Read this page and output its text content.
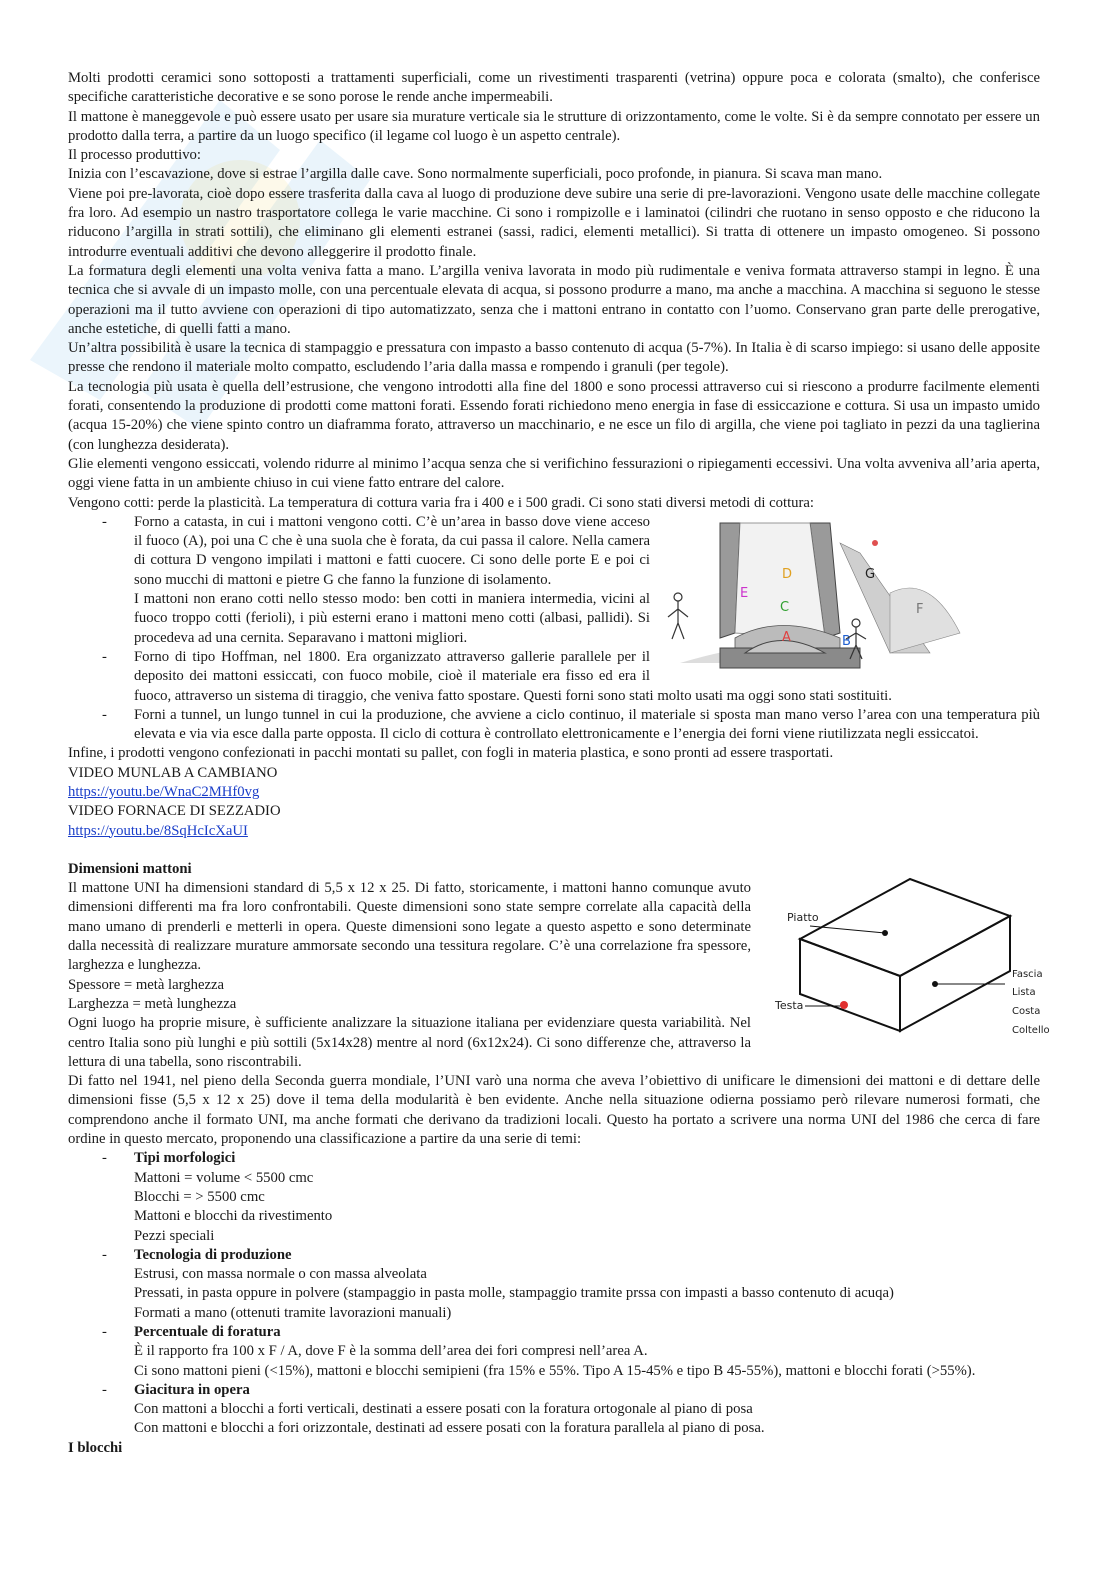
Molti prodotti ceramici sono sottoposti a trattamenti superficiali, come un rivestimenti trasparenti (vetrina) oppure poca e colorata (smalto), che conferisce specifiche caratteristiche decorative e se sono porose le rende anche impermeabili.

Il mattone è maneggevole e può essere usato per usare sia murature verticale sia le strutture di orizzontamento, come le volte. Si è da sempre connotato per essere un prodotto dalla terra, a partire da un luogo specifico (il legame col luogo è un aspetto centrale).

Il processo produttivo:

Inizia con l’escavazione, dove si estrae l’argilla dalle cave. Sono normalmente superficiali, poco profonde, in pianura. Si scava man mano.

Viene poi pre-lavorata, cioè dopo essere trasferita dalla cava al luogo di produzione deve subire una serie di pre-lavorazioni. Vengono usate delle macchine collegate fra loro. Ad esempio un nastro trasportatore collega le varie macchine. Ci sono i rompizolle e i laminatoi (cilindri che ruotano in senso opposto e che riducono la riducono l’argilla in strati sottili), che eliminano gli elementi estranei (sassi, radici, elementi metallici). Si tratta di ottenere un impasto omogeneo. Si possono introdurre eventuali additivi che devono alleggerire il prodotto finale.

La formatura degli elementi una volta veniva fatta a mano. L’argilla veniva lavorata in modo più rudimentale e veniva formata attraverso stampi in legno. È una tecnica che si avvale di un impasto molle, con una percentuale elevata di acqua, si possono produrre a mano, ma anche a macchina. A macchina si seguono le stesse operazioni ma il tutto avviene con operazioni di tipo automatizzato, senza che i mattoni entrano in contatto con l’uomo. Conservano gran parte delle prerogative, anche estetiche, di quelli fatti a mano.

Un’altra possibilità è usare la tecnica di stampaggio e pressatura con impasto a basso contenuto di acqua (5-7%). In Italia è di scarso impiego: si usano delle apposite presse che rendono il materiale molto compatto, escludendo l’aria dalla massa e rompendo i granuli (per tegole).

La tecnologia più usata è quella dell’estrusione, che vengono introdotti alla fine del 1800 e sono processi attraverso cui si riescono a produrre facilmente elementi forati, consentendo la produzione di prodotti come mattoni forati. Essendo forati richiedono meno energia in fase di essiccazione e cottura. Si usa un impasto umido (acqua 15-20%) che viene spinto contro un diaframma forato, attraverso un macchinario, e ne esce un filo di argilla, che viene poi tagliato in pezzi da una taglierina (con lunghezza desiderata).

Glie elementi vengono essiccati, volendo ridurre al minimo l’acqua senza che si verifichino fessurazioni o ripiegamenti eccessivi. Una volta avveniva all’aria aperta, oggi viene fatta in un ambiente chiuso in cui viene fatto entrare del calore.

Vengono cotti: perde la plasticità. La temperatura di cottura varia fra i 400 e i 500 gradi. Ci sono stati diversi metodi di cottura:

- D	G
E
C	F
A	B

Forno a catasta, in cui i mattoni vengono cotti. C’è un’area in basso dove viene acceso il fuoco (A), poi una C che è una suola che è forata, da cui passa il calore. Nella camera di cottura D vengono impilati i mattoni e fatti cuocere. Ci sono delle porte E e poi ci sono mucchi di mattoni e pietre G che fanno la funzione di isolamento.

I mattoni non erano cotti nello stesso modo: ben cotti in maniera intermedia, vicini al fuoco troppo cotti (ferioli), i più esterni erano i mattoni meno cotti (albasi, pallidi). Si procedeva ad una cernita. Separavano i mattoni migliori.

- Forno di tipo Hoffman, nel 1800. Era organizzato attraverso gallerie parallele per il deposito dei mattoni essiccati, con fuoco mobile, cioè il materiale era fisso ed era il fuoco, attraverso un sistema di tiraggio, che veniva fatto spostare. Questi forni sono stati molto usati ma oggi sono stati sostituiti.

- Forni a tunnel, un lungo tunnel in cui la produzione, che avviene a ciclo continuo, il materiale si sposta man mano verso l’area con una temperatura più elevata e via via esce dalla parte opposta. Il ciclo di cottura è controllato elettronicamente e l’energia dei forni viene riutilizzata negli essiccatoi.

Infine, i prodotti vengono confezionati in pacchi montati su pallet, con fogli in materia plastica, e sono pronti ad essere trasportati.

VIDEO MUNLAB A CAMBIANO

https://youtu.be/WnaC2MHf0vg

VIDEO FORNACE DI SEZZADIO

https://youtu.be/8SqHcIcXaUI

Dimensioni mattoni

Piatto
Testa
Fascia
Lista
Costa
Coltello

Il mattone UNI ha dimensioni standard di 5,5 x 12 x 25. Di fatto, storicamente, i mattoni hanno comunque avuto dimensioni differenti ma fra loro confrontabili. Queste dimensioni sono state sempre correlate alla capacità della mano umano di prenderli e metterli in opera. Queste dimensioni sono legate a questo aspetto e sono determinate dalla necessità di realizzare murature ammorsate secondo una tessitura regolare. C’è una correlazione fra spessore, larghezza e lunghezza.

Spessore = metà larghezza

Larghezza = metà lunghezza

Ogni luogo ha proprie misure, è sufficiente analizzare la situazione italiana per evidenziare questa variabilità. Nel centro Italia sono più lunghi e più sottili (5x14x28) mentre al nord (6x12x24). Ci sono differenze che, attraverso la lettura di una tabella, sono riscontrabili.

Di fatto nel 1941, nel pieno della Seconda guerra mondiale, l’UNI varò una norma che aveva l’obiettivo di unificare le dimensioni dei mattoni e di dettare delle dimensioni fisse (5,5 x 12 x 25) dove il tema della modularità è ben evidente. Anche nella situazione odierna possiamo però rilevare numerosi formati, che comprendono anche il formato UNI, ma anche formati che derivano da tradizioni locali. Questo ha portato a scrivere una norma UNI del 1986 che cerca di fare ordine in questo mercato, proponendo una classificazione a partire da una serie di temi:

- Tipi morfologici

Mattoni = volume < 5500 cmc

Blocchi = > 5500 cmc

Mattoni e blocchi da rivestimento

Pezzi speciali

- Tecnologia di produzione

Estrusi, con massa normale o con massa alveolata

Pressati, in pasta oppure in polvere (stampaggio in pasta molle, stampaggio tramite prssa con impasti a basso contenuto di acuqa)

Formati a mano (ottenuti tramite lavorazioni manuali)

- Percentuale di foratura

È il rapporto fra 100 x F / A, dove F è la somma dell’area dei fori compresi nell’area A.

Ci sono mattoni pieni (<15%), mattoni e blocchi semipieni (fra 15% e 55%. Tipo A 15-45% e tipo B 45-55%), mattoni e blocchi forati (>55%).

- Giacitura in opera

Con mattoni a blocchi a forti verticali, destinati a essere posati con la foratura ortogonale al piano di posa

Con mattoni e blocchi a fori orizzontale, destinati ad essere posati con la foratura parallela al piano di posa.

I blocchi
